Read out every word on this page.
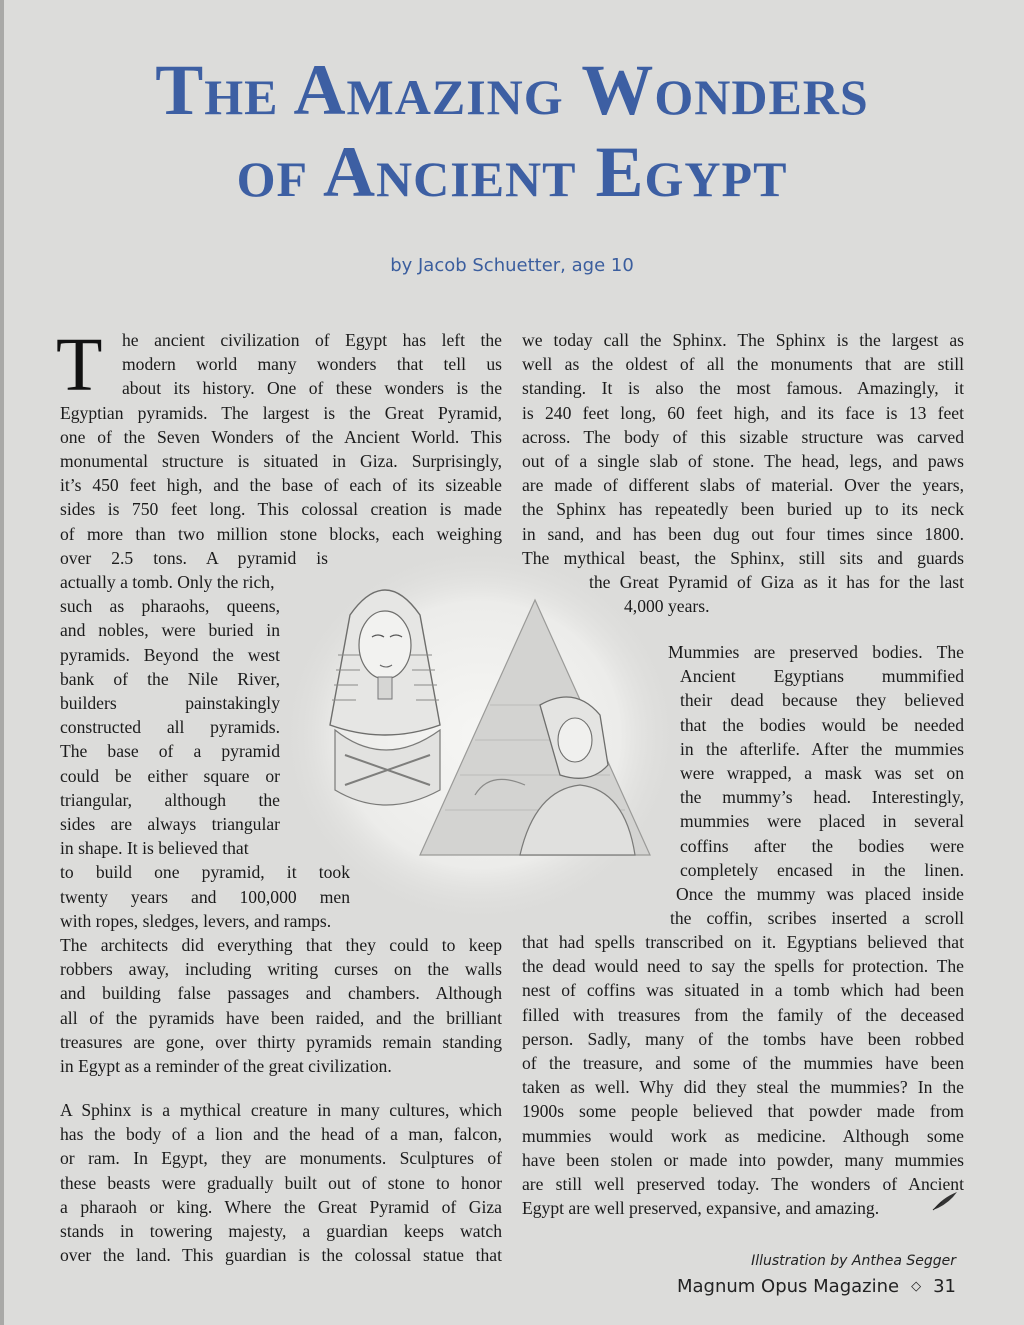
The Amazing Wonders
of Ancient Egypt
by Jacob Schuetter, age 10
T he ancient civilization of Egypt has left the

modern world many wonders that tell us

about its history. One of these wonders is the

Egyptian pyramids. The largest is the Great Pyramid,

one of the Seven Wonders of the Ancient World. This

monumental structure is situated in Giza. Surprisingly,

it’s 450 feet high, and the base of each of its sizeable

sides is 750 feet long. This colossal creation is made

of more than two million stone blocks, each weighing

over 2.5 tons. A pyramid is

actually a tomb. Only the rich,

such as pharaohs, queens,

and nobles, were buried in

pyramids. Beyond the west

bank of the Nile River,

builders painstakingly

constructed all pyramids.

The base of a pyramid

could be either square or

triangular, although the

sides are always triangular

in shape. It is believed that

to build one pyramid, it took

twenty years and 100,000 men

with ropes, sledges, levers, and ramps.

The architects did everything that they could to keep

robbers away, including writing curses on the walls

and building false passages and chambers. Although

all of the pyramids have been raided, and the brilliant

treasures are gone, over thirty pyramids remain standing

in Egypt as a reminder of the great civilization.

A Sphinx is a mythical creature in many cultures, which

has the body of a lion and the head of a man, falcon,

or ram. In Egypt, they are monuments. Sculptures of

these beasts were gradually built out of stone to honor

a pharaoh or king. Where the Great Pyramid of Giza

stands in towering majesty, a guardian keeps watch

over the land. This guardian is the colossal statue that

we today call the Sphinx. The Sphinx is the largest as

well as the oldest of all the monuments that are still

standing. It is also the most famous. Amazingly, it

is 240 feet long, 60 feet high, and its face is 13 feet

across. The body of this sizable structure was carved

out of a single slab of stone. The head, legs, and paws

are made of different slabs of material. Over the years,

the Sphinx has repeatedly been buried up to its neck

in sand, and has been dug out four times since 1800.

The mythical beast, the Sphinx, still sits and guards

the Great Pyramid of Giza as it has for the last

4,000 years.

Mummies are preserved bodies. The

Ancient Egyptians mummified

their dead because they believed

that the bodies would be needed

in the afterlife. After the mummies

were wrapped, a mask was set on

the mummy’s head. Interestingly,

mummies were placed in several

coffins after the bodies were

completely encased in the linen.

Once the mummy was placed inside

the coffin, scribes inserted a scroll

that had spells transcribed on it. Egyptians believed that

the dead would need to say the spells for protection. The

nest of coffins was situated in a tomb which had been

filled with treasures from the family of the deceased

person. Sadly, many of the tombs have been robbed

of the treasure, and some of the mummies have been

taken as well. Why did they steal the mummies? In the

1900s some people believed that powder made from

mummies would work as medicine. Although some

have been stolen or made into powder, many mummies

are still well preserved today. The wonders of Ancient

Egypt are well preserved, expansive, and amazing.

Illustration by Anthea Segger
Magnum Opus Magazine ◇ 31
